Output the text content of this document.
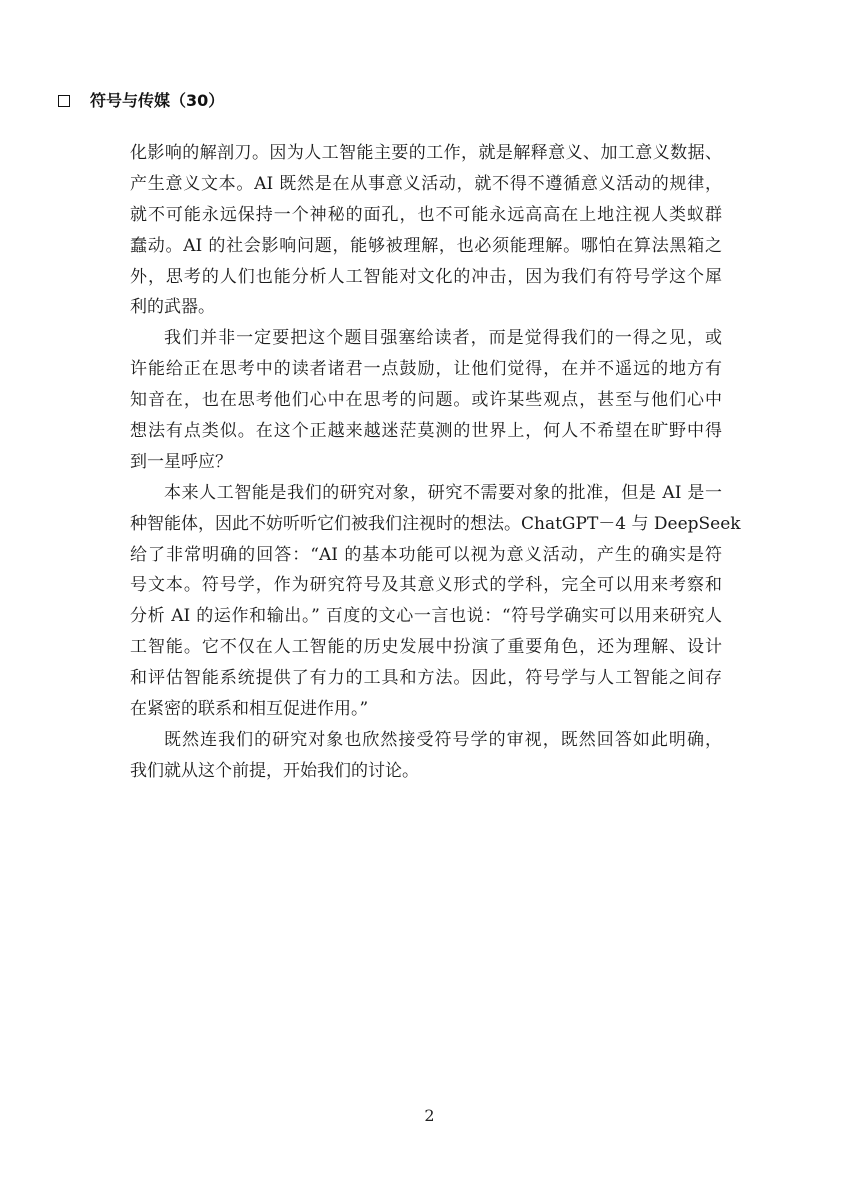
符号与传媒（30）
化影响的解剖刀。因为人工智能主要的工作，就是解释意义、加工意义数据、
产生意义文本。AI 既然是在从事意义活动，就不得不遵循意义活动的规律，
就不可能永远保持一个神秘的面孔，也不可能永远高高在上地注视人类蚁群
蠢动。AI 的社会影响问题，能够被理解，也必须能理解。哪怕在算法黑箱之
外，思考的人们也能分析人工智能对文化的冲击，因为我们有符号学这个犀
利的武器。
我们并非一定要把这个题目强塞给读者，而是觉得我们的一得之见，或
许能给正在思考中的读者诸君一点鼓励，让他们觉得，在并不遥远的地方有
知音在，也在思考他们心中在思考的问题。或许某些观点，甚至与他们心中
想法有点类似。在这个正越来越迷茫莫测的世界上，何人不希望在旷野中得
到一星呼应？
本来人工智能是我们的研究对象，研究不需要对象的批准，但是 AI 是一
种智能体，因此不妨听听它们被我们注视时的想法。ChatGPT－4 与 DeepSeek
给了非常明确的回答：“AI 的基本功能可以视为意义活动，产生的确实是符
号文本。符号学，作为研究符号及其意义形式的学科，完全可以用来考察和
分析 AI 的运作和输出。” 百度的文心一言也说：“符号学确实可以用来研究人
工智能。它不仅在人工智能的历史发展中扮演了重要角色，还为理解、设计
和评估智能系统提供了有力的工具和方法。因此，符号学与人工智能之间存
在紧密的联系和相互促进作用。”
既然连我们的研究对象也欣然接受符号学的审视，既然回答如此明确，
我们就从这个前提，开始我们的讨论。
2
